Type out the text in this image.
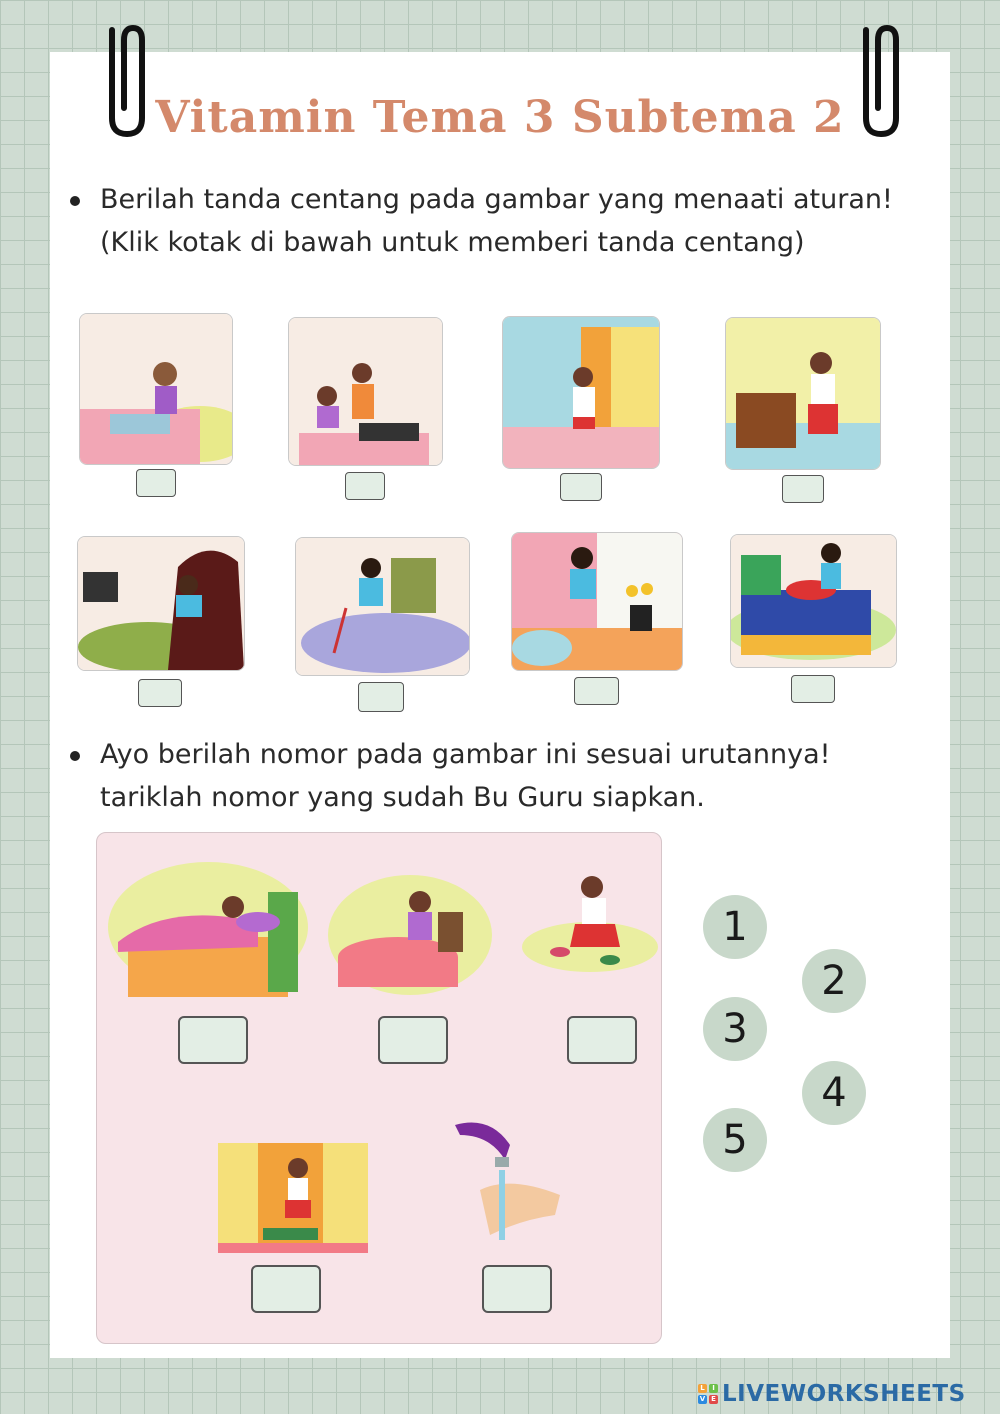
Vitamin Tema 3 Subtema 2
Berilah tanda centang pada gambar yang menaati aturan!
(Klik kotak di bawah untuk memberi tanda centang)
Ayo berilah nomor pada gambar ini sesuai urutannya!
tariklah nomor yang sudah Bu Guru siapkan.
1
2
3
4
5
L	I
V E LIVEWORKSHEETS
